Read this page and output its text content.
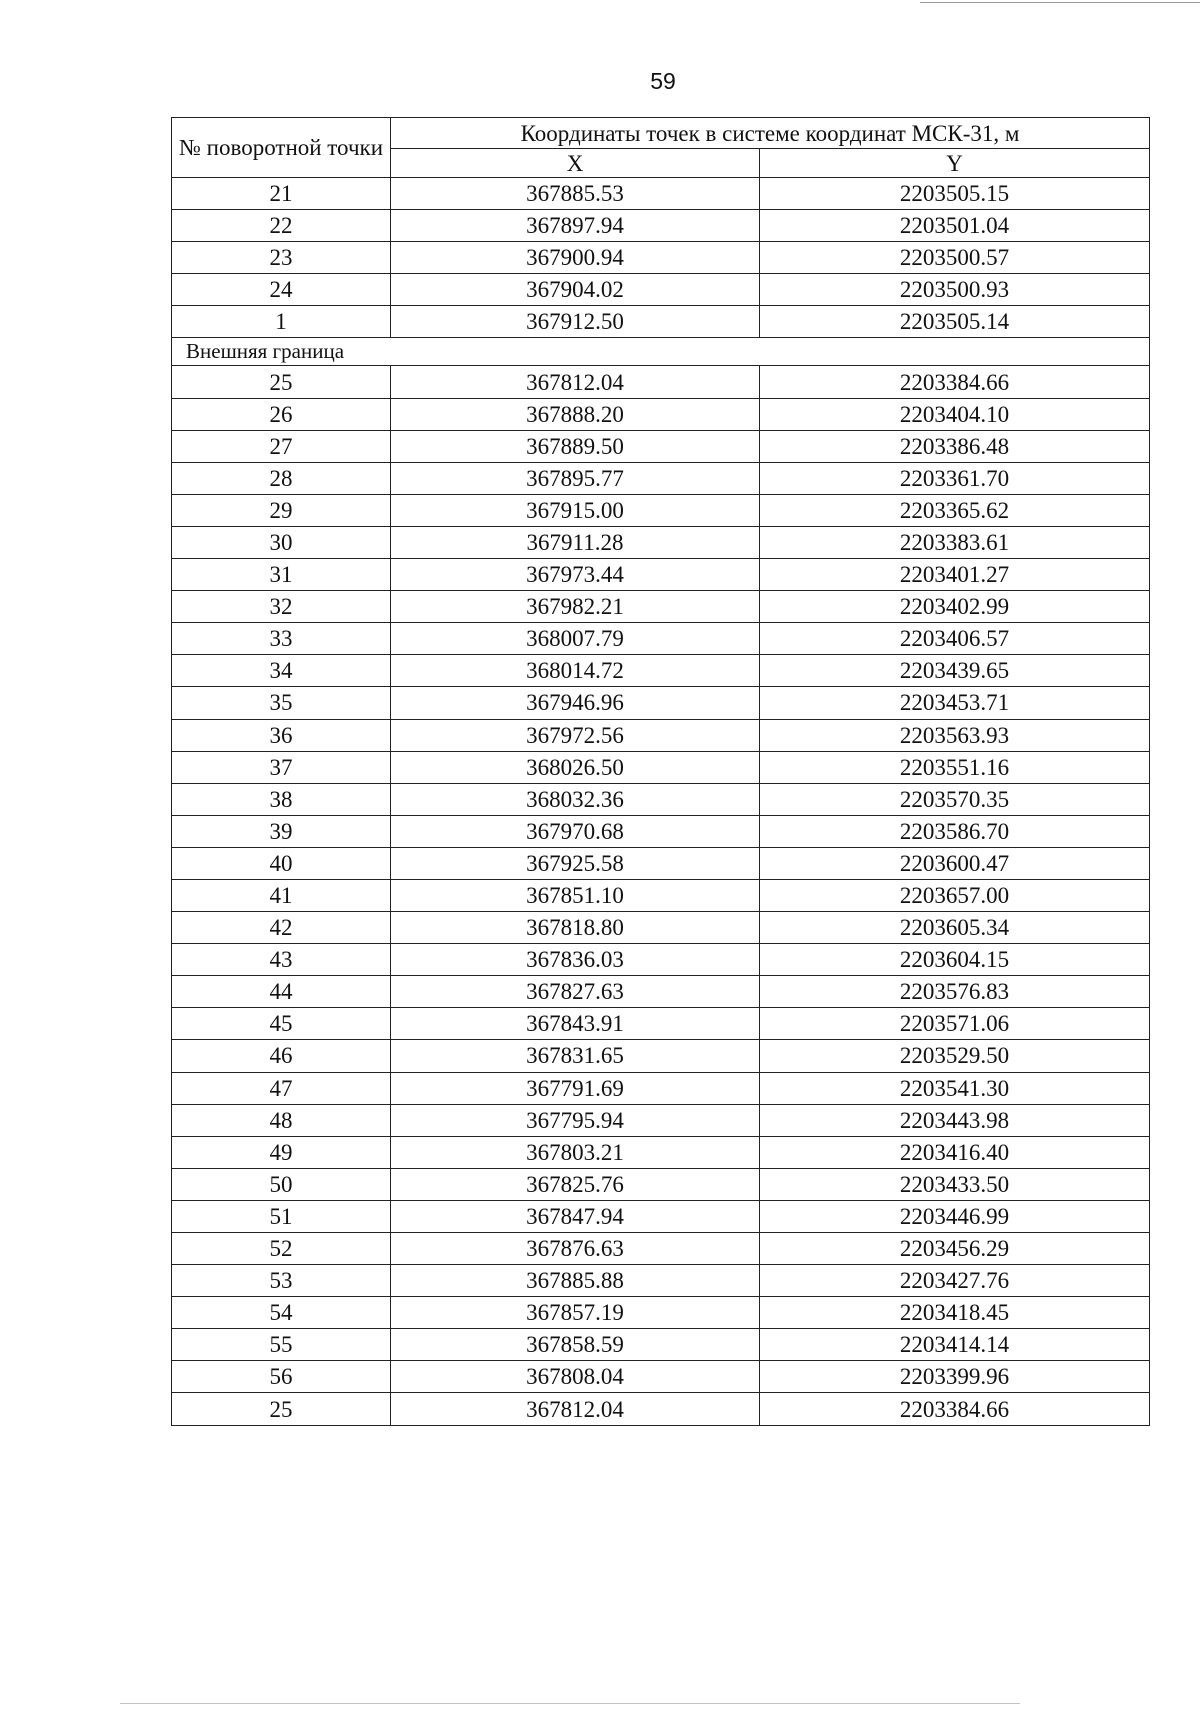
59
№ поворотной точки	Координаты точек в системе координат МСК-31, м	
	X	Y
21	367885.53	2203505.15
22	367897.94	2203501.04
23	367900.94	2203500.57
24	367904.02	2203500.93
1	367912.50	2203505.14
Внешняя граница		
25	367812.04	2203384.66
26	367888.20	2203404.10
27	367889.50	2203386.48
28	367895.77	2203361.70
29	367915.00	2203365.62
30	367911.28	2203383.61
31	367973.44	2203401.27
32	367982.21	2203402.99
33	368007.79	2203406.57
34	368014.72	2203439.65
35	367946.96	2203453.71
36	367972.56	2203563.93
37	368026.50	2203551.16
38	368032.36	2203570.35
39	367970.68	2203586.70
40	367925.58	2203600.47
41	367851.10	2203657.00
42	367818.80	2203605.34
43	367836.03	2203604.15
44	367827.63	2203576.83
45	367843.91	2203571.06
46	367831.65	2203529.50
47	367791.69	2203541.30
48	367795.94	2203443.98
49	367803.21	2203416.40
50	367825.76	2203433.50
51	367847.94	2203446.99
52	367876.63	2203456.29
53	367885.88	2203427.76
54	367857.19	2203418.45
55	367858.59	2203414.14
56	367808.04	2203399.96
25	367812.04	2203384.66
